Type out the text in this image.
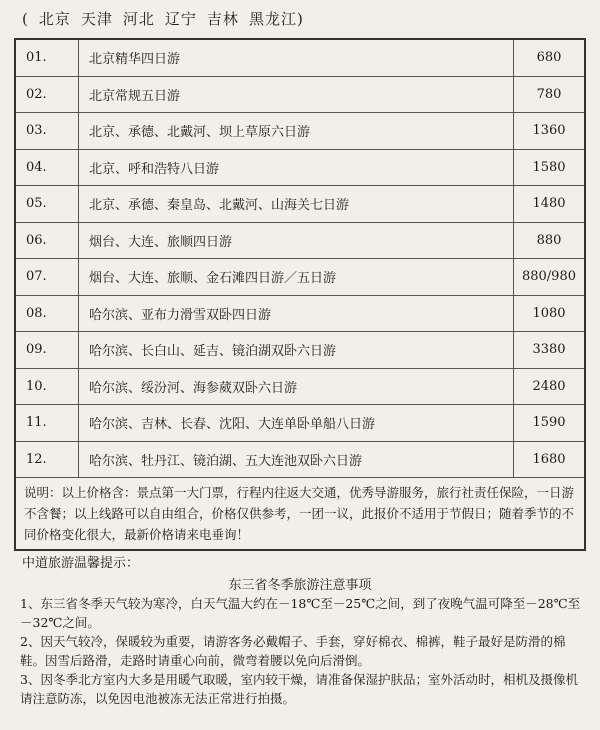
( 北京 天津 河北 辽宁 吉林 黑龙江)
01.	北京精华四日游	680
02.	北京常规五日游	780
03.	北京、承德、北戴河、坝上草原六日游	1360
04.	北京、呼和浩特八日游	1580
05.	北京、承德、秦皇岛、北戴河、山海关七日游	1480
06.	烟台、大连、旅顺四日游	880
07.	烟台、大连、旅顺、金石滩四日游／五日游	880/980
08.	哈尔滨、亚布力滑雪双卧四日游	1080
09.	哈尔滨、长白山、延吉、镜泊湖双卧六日游	3380
10.	哈尔滨、绥汾河、海参葳双卧六日游	2480
11.	哈尔滨、吉林、长春、沈阳、大连单卧单船八日游	1590
12.	哈尔滨、牡丹江、镜泊湖、五大连池双卧六日游	1680
说明：以上价格含：景点第一大门票，行程内往返大交通，优秀导游服务，旅行社责任保险，一日游不含餐；以上线路可以自由组合，价格仅供参考，一团一议，此报价不适用于节假日；随着季节的不同价格变化很大，最新价格请来电垂询！		
中道旅游温馨提示：
东三省冬季旅游注意事项

1、东三省冬季天气较为寒冷，白天气温大约在－18℃至－25℃之间，到了夜晚气温可降至－28℃至－32℃之间。

2、因天气较冷，保暖较为重要，请游客务必戴帽子、手套，穿好棉衣、棉裤，鞋子最好是防滑的棉鞋。因雪后路滑，走路时请重心向前，微弯着腰以免向后滑倒。

3、因冬季北方室内大多是用暖气取暖，室内较干燥，请准备保湿护肤品；室外活动时，相机及摄像机请注意防冻，以免因电池被冻无法正常进行拍摄。
